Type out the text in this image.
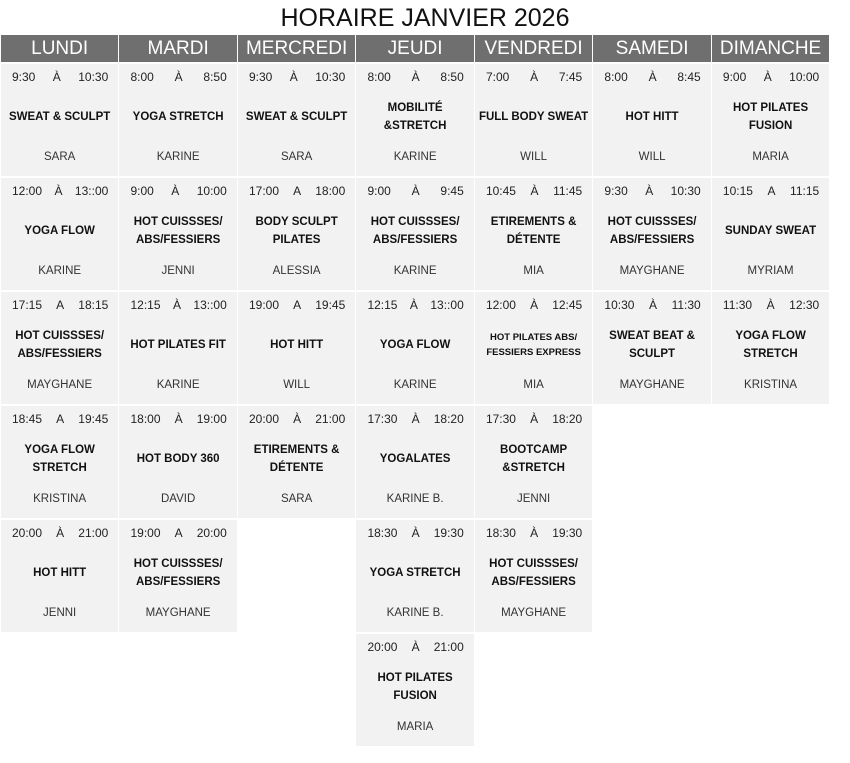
HORAIRE JANVIER 2026
LUNDI
9:30 À 10:30
SWEAT & SCULPT
SARA
12:00 À 13::00
YOGA FLOW
KARINE
17:15 A 18:15
HOT CUISSSES/ ABS/FESSIERS
MAYGHANE
18:45 A 19:45
YOGA FLOW STRETCH
KRISTINA
20:00 À 21:00
HOT HITT
JENNI
MARDI
8:00 À 8:50
YOGA STRETCH
KARINE
9:00 À 10:00
HOT CUISSSES/ ABS/FESSIERS
JENNI
12:15 À 13::00
HOT PILATES FIT
KARINE
18:00 À 19:00
HOT BODY 360
DAVID
19:00 A 20:00
HOT CUISSSES/ ABS/FESSIERS
MAYGHANE
MERCREDI
9:30 À 10:30
SWEAT & SCULPT
SARA
17:00 A 18:00
BODY SCULPT PILATES
ALESSIA
19:00 A 19:45
HOT HITT
WILL
20:00 À 21:00
ETIREMENTS & DÉTENTE
SARA
JEUDI
8:00 À 8:50
MOBILITÉ &STRETCH
KARINE
9:00 À 9:45
HOT CUISSSES/ ABS/FESSIERS
KARINE
12:15 À 13::00
YOGA FLOW
KARINE
17:30 À 18:20
YOGALATES
KARINE B.
18:30 À 19:30
YOGA STRETCH
KARINE B.
20:00 À 21:00
HOT PILATES FUSION
MARIA
VENDREDI
7:00 À 7:45
FULL BODY SWEAT
WILL
10:45 À 11:45
ETIREMENTS & DÉTENTE
MIA
12:00 À 12:45
HOT PILATES ABS/ FESSIERS EXPRESS
MIA
17:30 À 18:20
BOOTCAMP &STRETCH
JENNI
18:30 À 19:30
HOT CUISSSES/ ABS/FESSIERS
MAYGHANE
SAMEDI
8:00 À 8:45
HOT HITT
WILL
9:30 À 10:30
HOT CUISSSES/ ABS/FESSIERS
MAYGHANE
10:30 À 11:30
SWEAT BEAT & SCULPT
MAYGHANE
DIMANCHE
9:00 À 10:00
HOT PILATES FUSION
MARIA
10:15 A 11:15
SUNDAY SWEAT
MYRIAM
11:30 À 12:30
YOGA FLOW STRETCH
KRISTINA
